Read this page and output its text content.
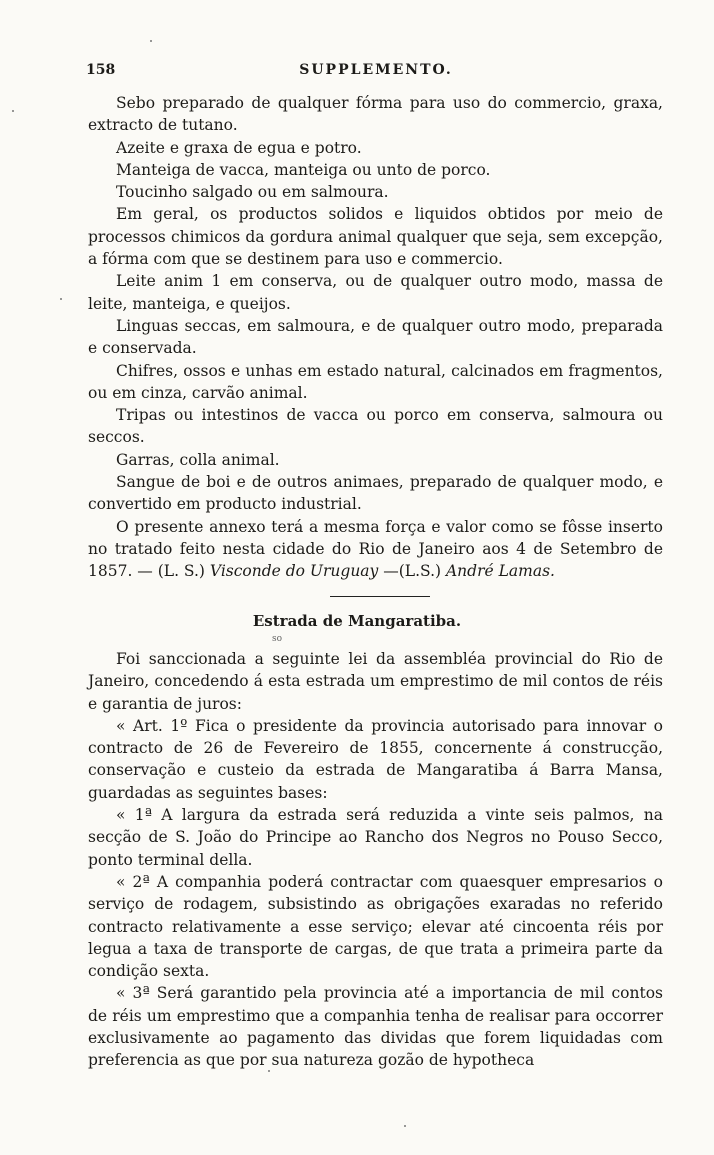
158	SUPPLEMENTO.

Sebo preparado de qualquer fórma para uso do commercio, graxa, extracto de tutano.

Azeite e graxa de egua e potro.

Manteiga de vacca, manteiga ou unto de porco.

Toucinho salgado ou em salmoura.

Em geral, os productos solidos e liquidos obtidos por meio de processos chimicos da gordura animal qualquer que seja, sem excepção, a fórma com que se destinem para uso e commercio.

Leite anim 1 em conserva, ou de qualquer outro modo, massa de leite, manteiga, e queijos.

Linguas seccas, em salmoura, e de qualquer outro modo, preparada e conservada.

Chifres, ossos e unhas em estado natural, calcinados em fragmentos, ou em cinza, carvão animal.

Tripas ou intestinos de vacca ou porco em conserva, salmoura ou seccos.

Garras, colla animal.

Sangue de boi e de outros animaes, preparado de qualquer modo, e convertido em producto industrial.

O presente annexo terá a mesma força e valor como se fôsse inserto no tratado feito nesta cidade do Rio de Janeiro aos 4 de Setembro de 1857. — (L. S.) Visconde do Uruguay —(L.S.) André Lamas.

Estrada de Mangaratiba.
so

Foi sanccionada a seguinte lei da assembléa provincial do Rio de Janeiro, concedendo á esta estrada um emprestimo de mil contos de réis e garantia de juros:

« Art. 1º Fica o presidente da provincia autorisado para innovar o contracto de 26 de Fevereiro de 1855, concernente á construcção, conservação e custeio da estrada de Mangaratiba á Barra Mansa, guardadas as seguintes bases:

« 1ª A largura da estrada será reduzida a vinte seis palmos, na secção de S. João do Principe ao Rancho dos Negros no Pouso Secco, ponto terminal della.

« 2ª A companhia poderá contractar com quaesquer empresarios o serviço de rodagem, subsistindo as obrigações exaradas no referido contracto relativamente a esse serviço; elevar até cincoenta réis por legua a taxa de transporte de cargas, de que trata a primeira parte da condição sexta.

« 3ª Será garantido pela provincia até a importancia de mil contos de réis um emprestimo que a companhia tenha de realisar para occorrer exclusivamente ao pagamento das dividas que forem liquidadas com preferencia as que por sua natureza gozão de hypotheca
